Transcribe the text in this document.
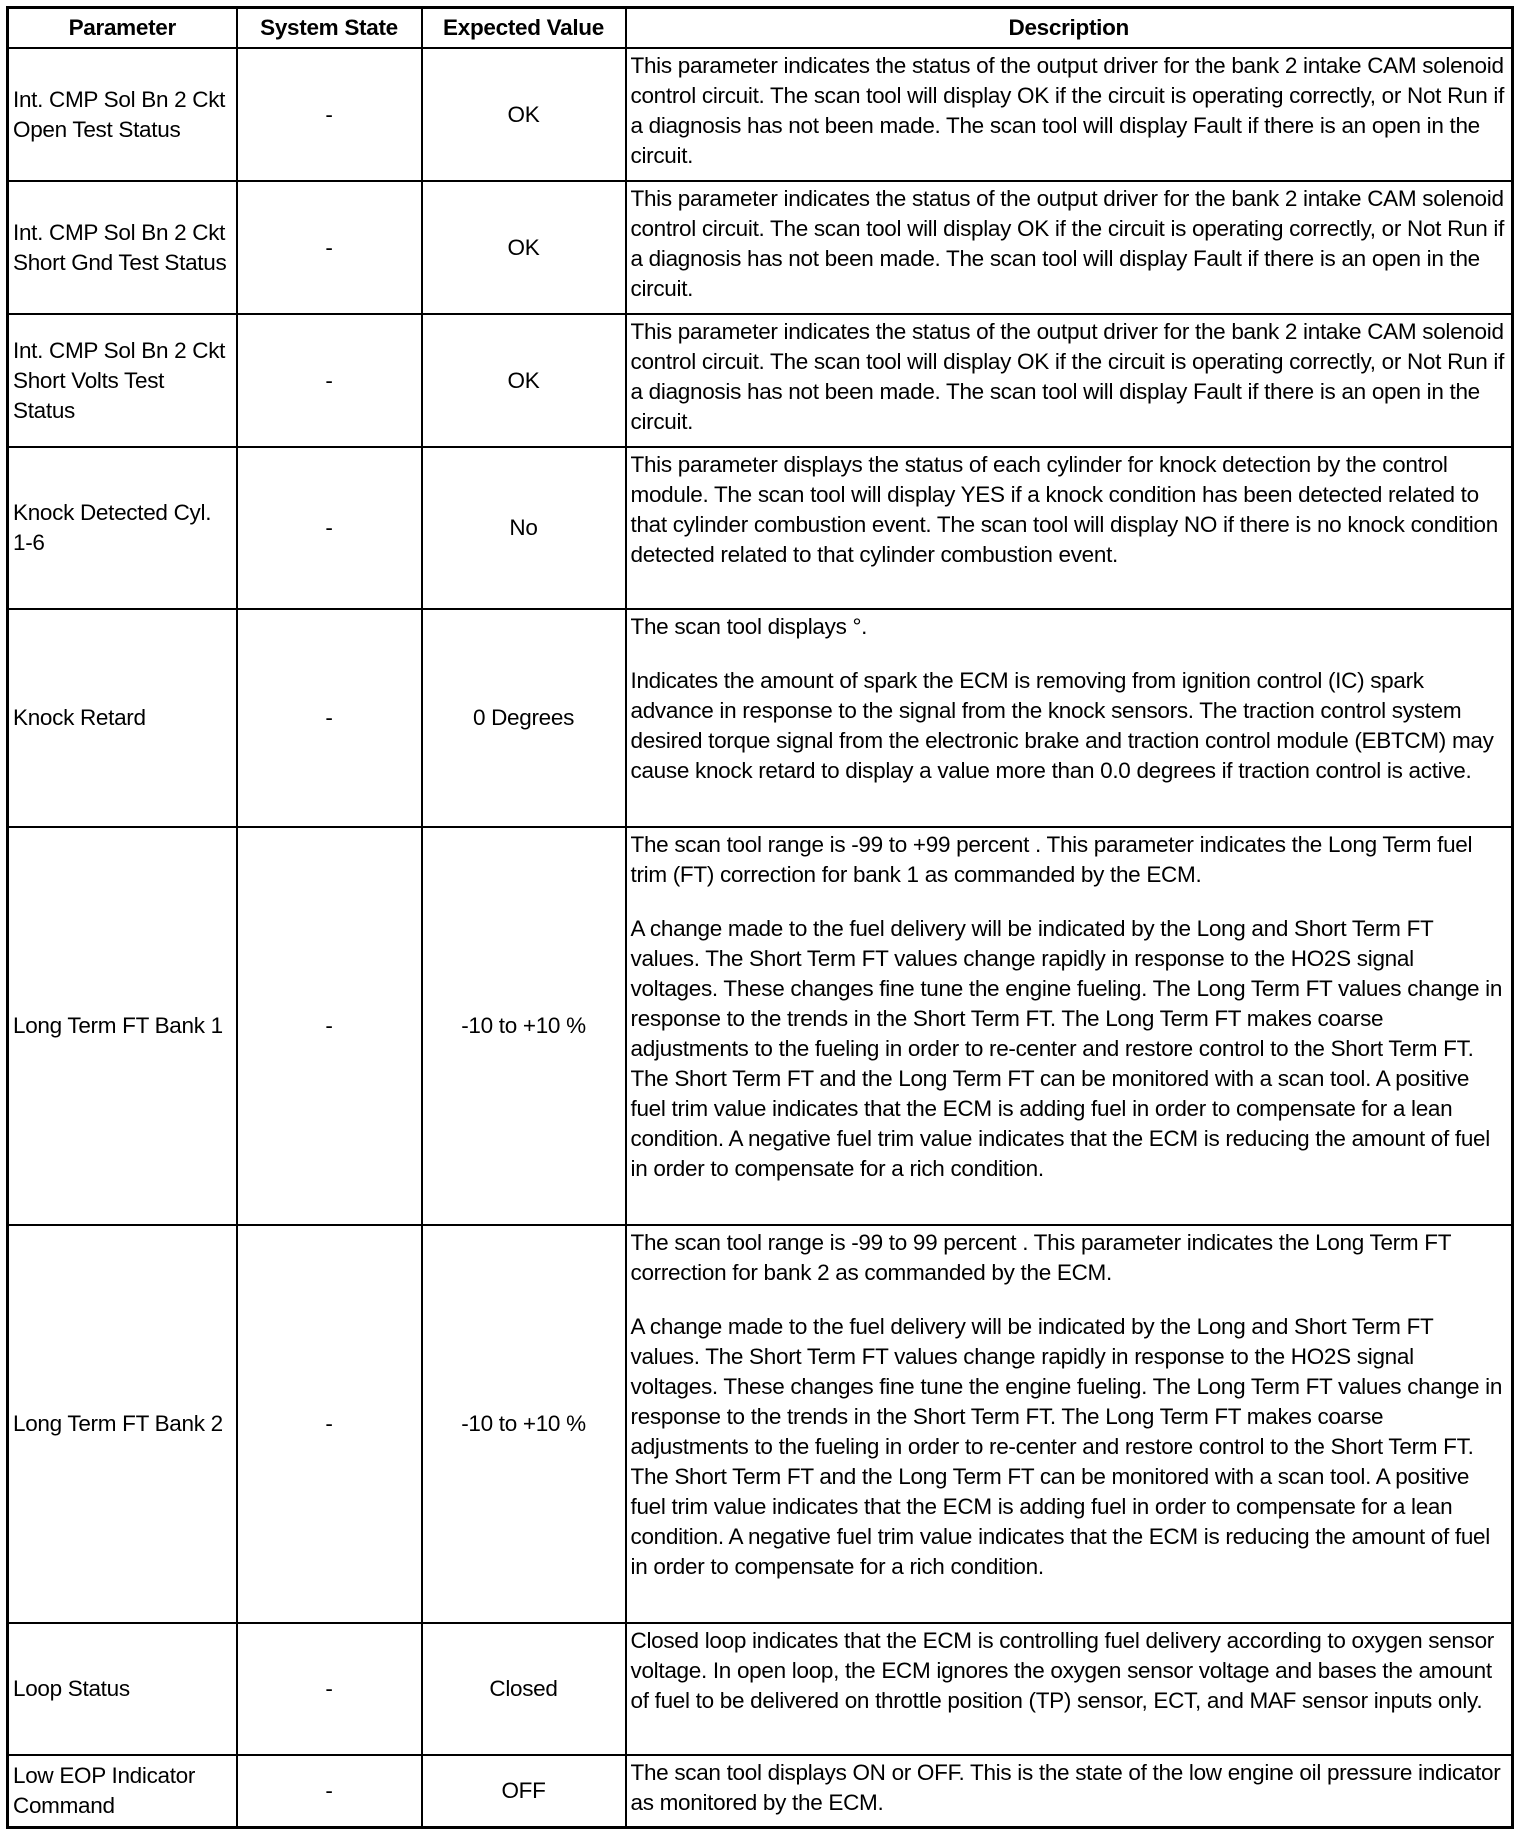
Parameter	System State	Expected Value	Description
Int. CMP Sol Bn 2 Ckt Open Test Status	-	OK	This parameter indicates the status of the output driver for the bank 2 intake CAM solenoid control circuit. The scan tool will display OK if the circuit is operating correctly, or Not Run if a diagnosis has not been made. The scan tool will display Fault if there is an open in the circuit.

Int. CMP Sol Bn 2 Ckt Short Gnd Test Status	-	OK	This parameter indicates the status of the output driver for the bank 2 intake CAM solenoid control circuit. The scan tool will display OK if the circuit is operating correctly, or Not Run if a diagnosis has not been made. The scan tool will display Fault if there is an open in the circuit.

Int. CMP Sol Bn 2 Ckt Short Volts Test Status	-	OK	This parameter indicates the status of the output driver for the bank 2 intake CAM solenoid control circuit. The scan tool will display OK if the circuit is operating correctly, or Not Run if a diagnosis has not been made. The scan tool will display Fault if there is an open in the circuit.

Knock Detected Cyl. 1-6	-	No	This parameter displays the status of each cylinder for knock detection by the control module. The scan tool will display YES if a knock condition has been detected related to that cylinder combustion event. The scan tool will display NO if there is no knock condition detected related to that cylinder combustion event.

Knock Retard	-	0 Degrees	The scan tool displays °.

Indicates the amount of spark the ECM is removing from ignition control (IC) spark advance in response to the signal from the knock sensors. The traction control system desired torque signal from the electronic brake and traction control module (EBTCM) may cause knock retard to display a value more than 0.0 degrees if traction control is active.

Long Term FT Bank 1	-	-10 to +10 %	The scan tool range is -99 to +99 percent . This parameter indicates the Long Term fuel trim (FT) correction for bank 1 as commanded by the ECM.

A change made to the fuel delivery will be indicated by the Long and Short Term FT values. The Short Term FT values change rapidly in response to the HO2S signal voltages. These changes fine tune the engine fueling. The Long Term FT values change in response to the trends in the Short Term FT. The Long Term FT makes coarse adjustments to the fueling in order to re-center and restore control to the Short Term FT. The Short Term FT and the Long Term FT can be monitored with a scan tool. A positive fuel trim value indicates that the ECM is adding fuel in order to compensate for a lean condition. A negative fuel trim value indicates that the ECM is reducing the amount of fuel in order to compensate for a rich condition.

Long Term FT Bank 2	-	-10 to +10 %	The scan tool range is -99 to 99 percent . This parameter indicates the Long Term FT correction for bank 2 as commanded by the ECM.

A change made to the fuel delivery will be indicated by the Long and Short Term FT values. The Short Term FT values change rapidly in response to the HO2S signal voltages. These changes fine tune the engine fueling. The Long Term FT values change in response to the trends in the Short Term FT. The Long Term FT makes coarse adjustments to the fueling in order to re-center and restore control to the Short Term FT. The Short Term FT and the Long Term FT can be monitored with a scan tool. A positive fuel trim value indicates that the ECM is adding fuel in order to compensate for a lean condition. A negative fuel trim value indicates that the ECM is reducing the amount of fuel in order to compensate for a rich condition.

Loop Status	-	Closed	Closed loop indicates that the ECM is controlling fuel delivery according to oxygen sensor voltage. In open loop, the ECM ignores the oxygen sensor voltage and bases the amount of fuel to be delivered on throttle position (TP) sensor, ECT, and MAF sensor inputs only.

Low EOP Indicator Command	-	OFF	The scan tool displays ON or OFF. This is the state of the low engine oil pressure indicator as monitored by the ECM.
